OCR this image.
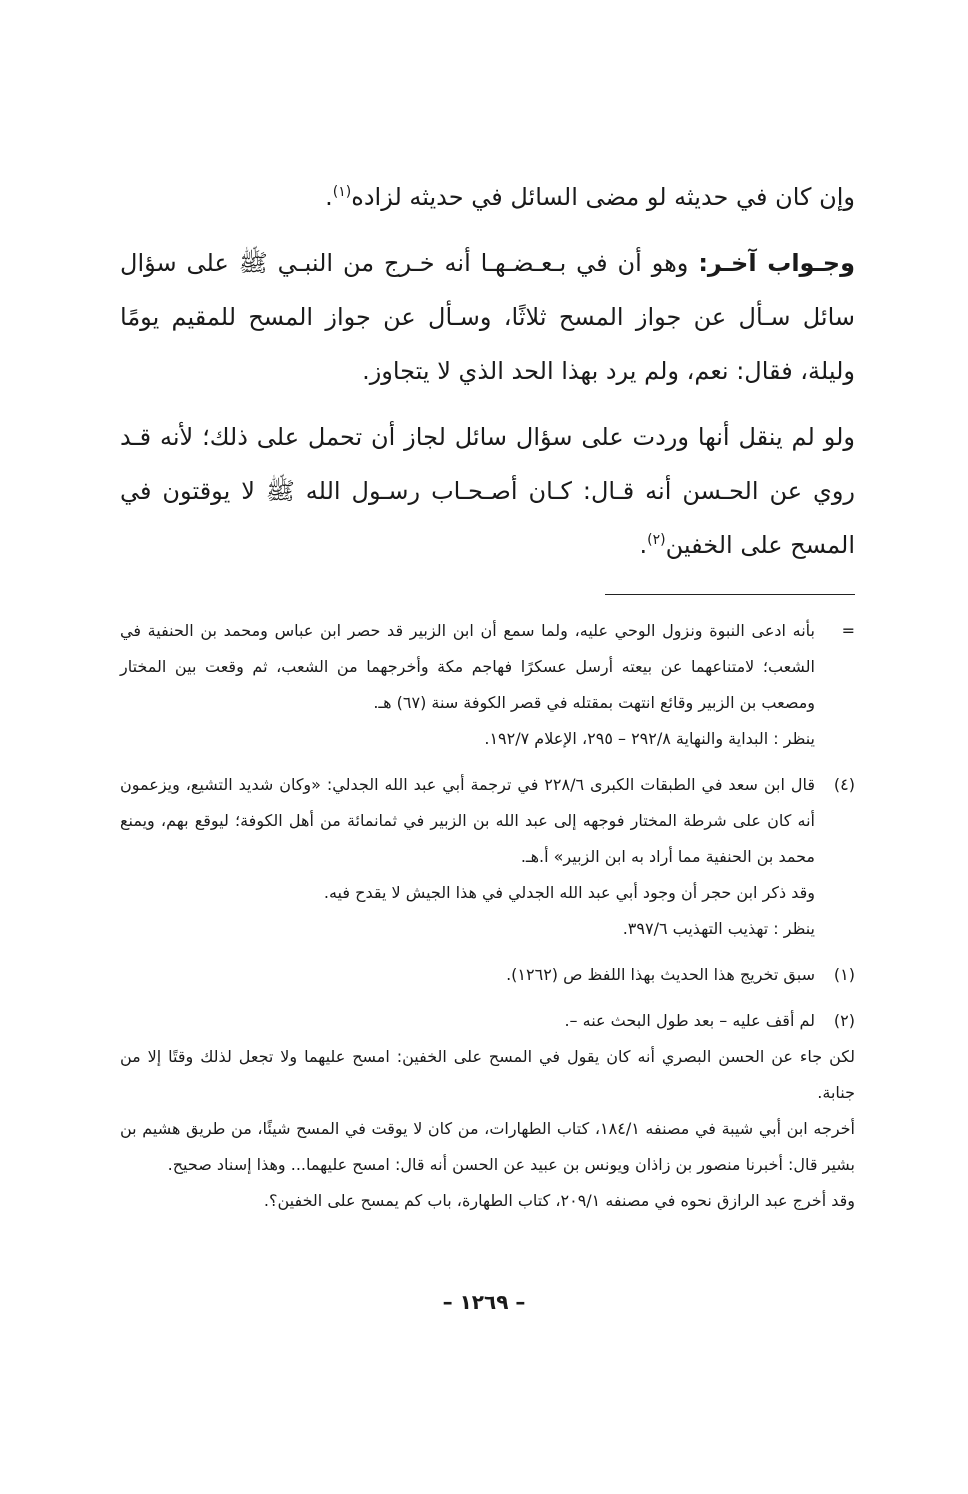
وإن كان في حديثه لو مضى السائل في حديثه لزاده$^{(١)}$.

وجـواب آخـر: وهو أن في بـعـضـهـا أنه خـرج من النبـي ﷺ على سؤال سائل سـأل عن جواز المسح ثلاثًا، وسـأل عن جواز المسح للمقيم يومًا وليلة، فقال: نعم، ولم يرد بهذا الحد الذي لا يتجاوز.

ولو لم ينقل أنها وردت على سؤال سائل لجاز أن تحمل على ذلك؛ لأنه قـد روي عن الحـسن أنه قـال: كـان أصـحـاب رسـول الله ﷺ لا يوقتون في المسح على الخفين$^{(٢)}$.

=

بأنه ادعى النبوة ونزول الوحي عليه، ولما سمع أن ابن الزبير قد حصر ابن عباس ومحمد بن الحنفية في الشعب؛ لامتناعهما عن بيعته أرسل عسكرًا فهاجم مكة وأخرجهما من الشعب، ثم وقعت بين المختار ومصعب بن الزبير وقائع انتهت بمقتله في قصر الكوفة سنة (٦٧) هـ.

ينظر : البداية والنهاية ٢٩٢/٨ – ٢٩٥، الإعلام ١٩٢/٧.

(٤)

قال ابن سعد في الطبقات الكبرى ٢٢٨/٦ في ترجمة أبي عبد الله الجدلي: «وكان شديد التشيع، ويزعمون أنه كان على شرطة المختار فوجهه إلى عبد الله بن الزبير في ثمانمائة من أهل الكوفة؛ ليوقع بهم، ويمنع محمد بن الحنفية مما أراد به ابن الزبير» أ.هـ.

وقد ذكر ابن حجر أن وجود أبي عبد الله الجدلي في هذا الجيش لا يقدح فيه.

ينظر : تهذيب التهذيب ٣٩٧/٦.

(١)

سبق تخريج هذا الحديث بهذا اللفظ ص (١٢٦٢).

(٢)

لم أقف عليه – بعد طول البحث عنه –.

لكن جاء عن الحسن البصري أنه كان يقول في المسح على الخفين: امسح عليهما ولا تجعل لذلك وقتًا إلا من جنابة.

أخرجه ابن أبي شيبة في مصنفه ١٨٤/١، كتاب الطهارات، من كان لا يوقت في المسح شيئًا، من طريق هشيم بن بشير قال: أخبرنا منصور بن زاذان ويونس بن عبيد عن الحسن أنه قال: امسح عليهما... وهذا إسناد صحيح.

وقد أخرج عبد الرازق نحوه في مصنفه ٢٠٩/١، كتاب الطهارة، باب كم يمسح على الخفين؟.

– ١٢٦٩ –
